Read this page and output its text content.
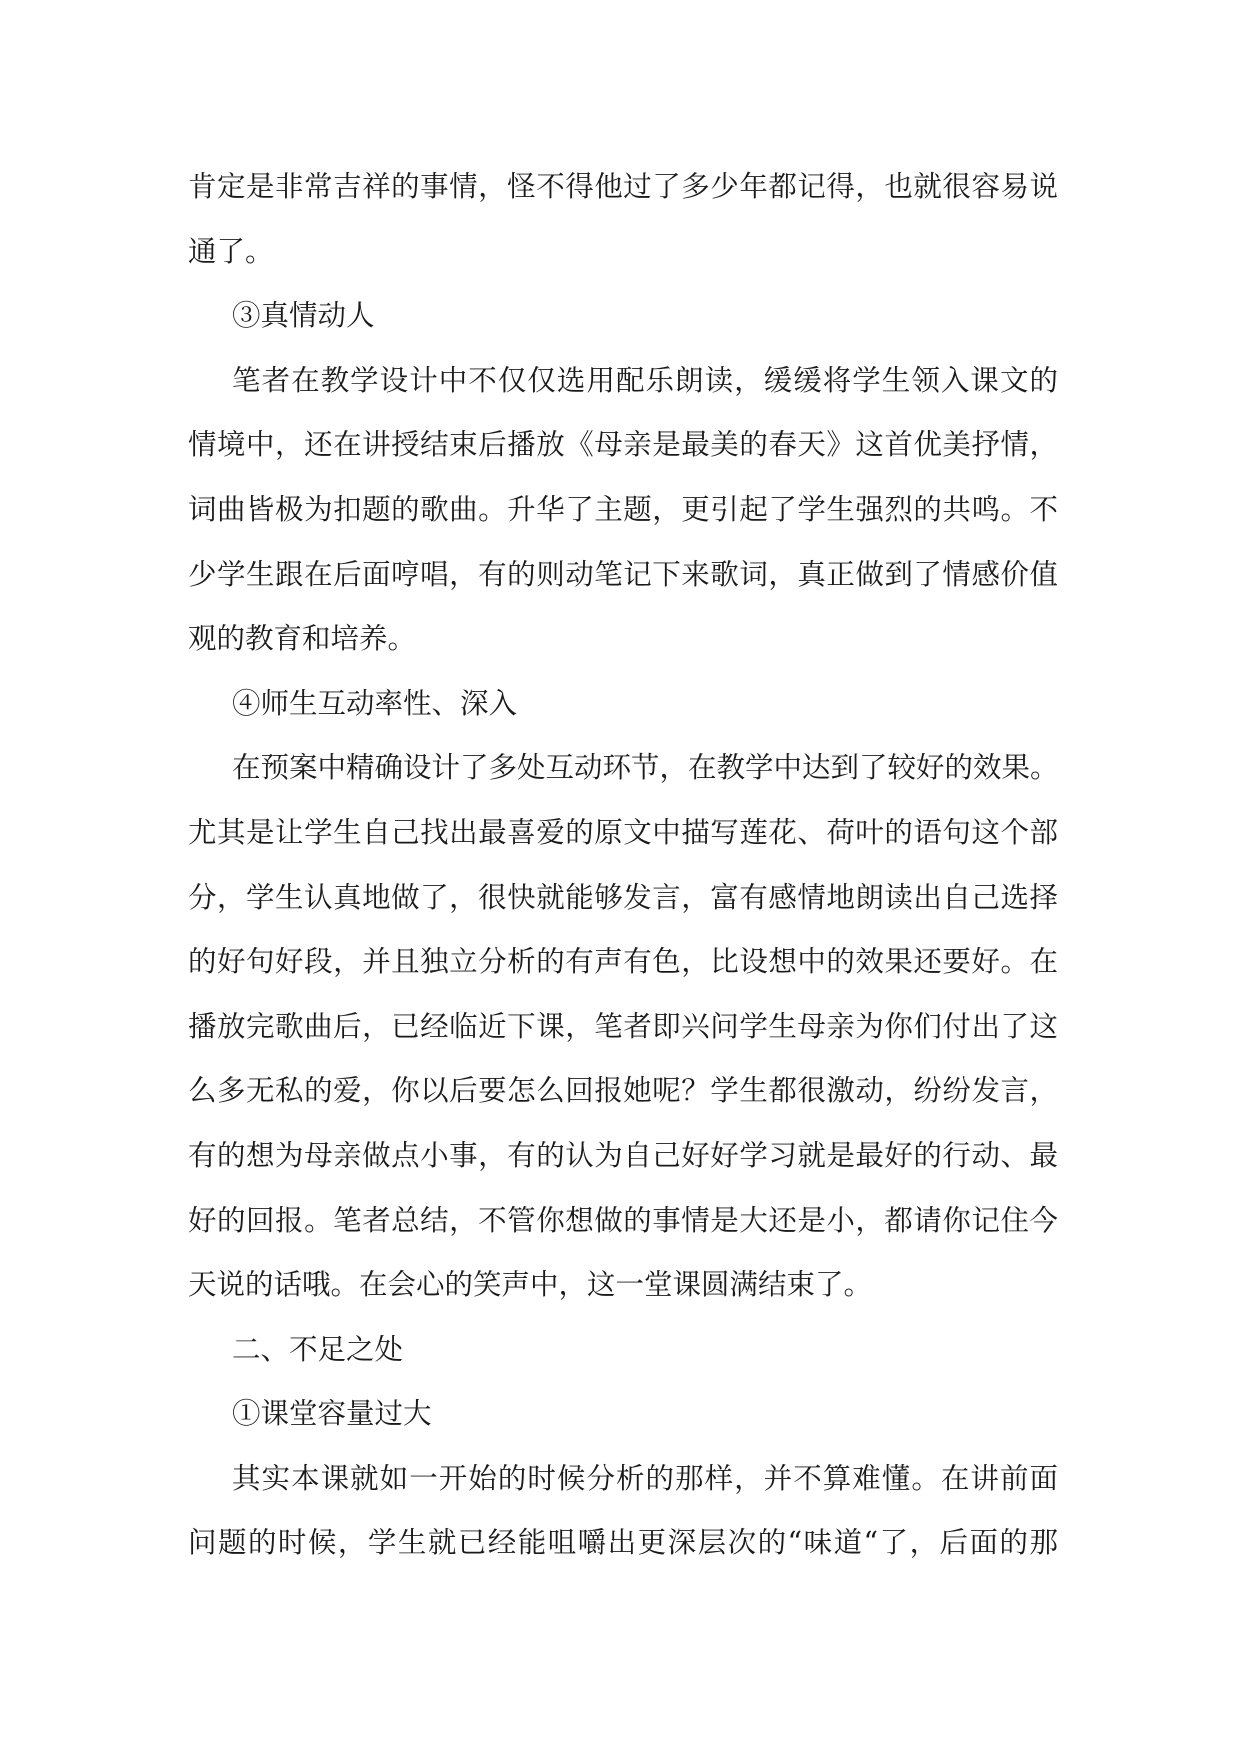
肯定是非常吉祥的事情，怪不得他过了多少年都记得，也就很容易说
通了。
③真情动人
笔者在教学设计中不仅仅选用配乐朗读，缓缓将学生领入课文的
情境中，还在讲授结束后播放《母亲是最美的春天》这首优美抒情，
词曲皆极为扣题的歌曲。升华了主题，更引起了学生强烈的共鸣。不
少学生跟在后面哼唱，有的则动笔记下来歌词，真正做到了情感价值
观的教育和培养。
④师生互动率性、深入
在预案中精确设计了多处互动环节，在教学中达到了较好的效果。
尤其是让学生自己找出最喜爱的原文中描写莲花、荷叶的语句这个部
分，学生认真地做了，很快就能够发言，富有感情地朗读出自己选择
的好句好段，并且独立分析的有声有色，比设想中的效果还要好。在
播放完歌曲后，已经临近下课，笔者即兴问学生母亲为你们付出了这
么多无私的爱，你以后要怎么回报她呢？学生都很激动，纷纷发言，
有的想为母亲做点小事，有的认为自己好好学习就是最好的行动、最
好的回报。笔者总结，不管你想做的事情是大还是小，都请你记住今
天说的话哦。在会心的笑声中，这一堂课圆满结束了。
二、不足之处
①课堂容量过大
其实本课就如一开始的时候分析的那样，并不算难懂。在讲前面
问题的时候，学生就已经能咀嚼出更深层次的“味道“了，后面的那
